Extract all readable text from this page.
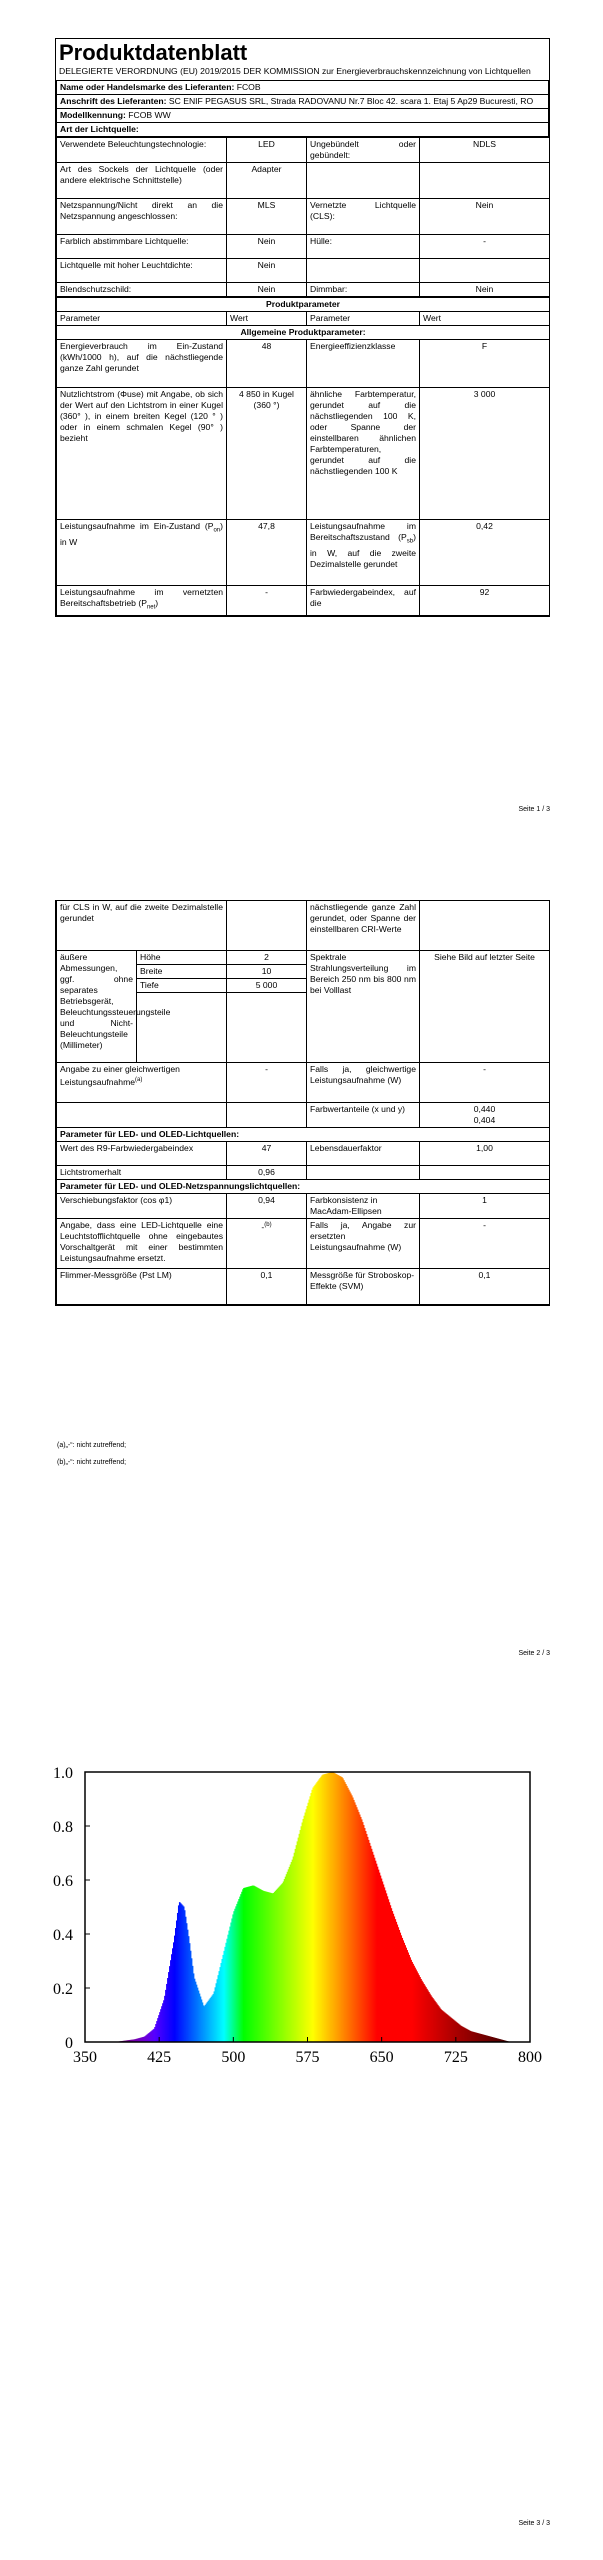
Produktdatenblatt
DELEGIERTE VERORDNUNG (EU) 2019/2015 DER KOMMISSION zur Energieverbrauchskennzeichnung von Lichtquellen
Name oder Handelsmarke des Lieferanten: FCOB
Anschrift des Lieferanten: SC ENIF PEGASUS SRL, Strada RADOVANU Nr.7 Bloc 42. scara 1. Etaj 5 Ap29 Bucuresti, RO
Modellkennung: FCOB WW
Art der Lichtquelle:
Verwendete Beleuchtungstechnologie:	LED	Ungebündelt oder gebündelt:	NDLS
Art des Sockels der Lichtquelle (oder andere elektrische Schnittstelle)	Adapter		
Netzspannung/Nicht direkt an die Netzspannung angeschlossen:	MLS	Vernetzte Lichtquelle (CLS):	Nein
Farblich abstimmbare Lichtquelle:	Nein	Hülle:	-
Lichtquelle mit hoher Leuchtdichte:	Nein		
Blendschutzschild:	Nein	Dimmbar:	Nein
Produktparameter			
Parameter	Wert	Parameter	Wert
Allgemeine Produktparameter:			
Energieverbrauch im Ein-Zustand (kWh/1000 h), auf die nächstliegende ganze Zahl gerundet	48	Energieeffizienzklasse	F
Nutzlichtstrom (Φuse) mit Angabe, ob sich der Wert auf den Lichtstrom in einer Kugel (360° ), in einem breiten Kegel (120 ° ) oder in einem schmalen Kegel (90° ) bezieht	4 850 in Kugel (360 °)	ähnliche Farbtemperatur, gerundet auf die nächstliegenden 100 K, oder Spanne der einstellbaren ähnlichen Farbtemperaturen, gerundet auf die nächstliegenden 100 K	3 000
Leistungsaufnahme im Ein-Zustand $(P_{on})$ in W	47,8	Leistungsaufnahme im Bereitschaftszustand $(P_{sb})$ in W, auf die zweite Dezimalstelle gerundet	0,42
Leistungsaufnahme im vernetzten Bereitschaftsbetrieb $(P_{net})$	-	Farbwiedergabeindex, auf die	92
Seite 1 / 3
für CLS in W, auf die zweite Dezimalstelle gerundet			nächstliegende ganze Zahl gerundet, oder Spanne der einstellbaren CRI-Werte	
äußere Abmessungen, ggf. ohne separates Betriebsgerät, Beleuchtungssteuerungsteile und Nicht-Beleuchtungsteile (Millimeter)	Höhe	2	Spektrale Strahlungsverteilung im Bereich 250 nm bis 800 nm bei Volllast	Siehe Bild auf letzter Seite
	Breite	10		
	Tiefe	5 000		

Angabe zu einer gleichwertigen Leistungsaufnahme$^{(a)}$		-	Falls ja, gleichwertige Leistungsaufnahme (W)	-
			Farbwertanteile (x und y)	0,440
0,404

Parameter für LED- und OLED-Lichtquellen:				
Wert des R9-Farbwiedergabeindex		47	Lebensdauerfaktor	1,00
Lichtstromerhalt		0,96		
Parameter für LED- und OLED-Netzspannungslichtquellen:				
Verschiebungsfaktor (cos φ1)		0,94	Farbkonsistenz in MacAdam-Ellipsen	1
Angabe, dass eine LED-Lichtquelle eine Leuchtstofflichtquelle ohne eingebautes Vorschaltgerät mit einer bestimmten Leistungsaufnahme ersetzt.		-$^{(b)}$	Falls ja, Angabe zur ersetzten Leistungsaufnahme (W)	-
Flimmer-Messgröße (Pst LM)		0,1	Messgröße für Stroboskop-Effekte (SVM)	0,1
(a)„-“: nicht zutreffend;
(b)„-“: nicht zutreffend;
Seite 2 / 3
350	425	500	575	650	725	800
0
0.2
0.4
0.6
0.8
1.0
Seite 3 / 3
